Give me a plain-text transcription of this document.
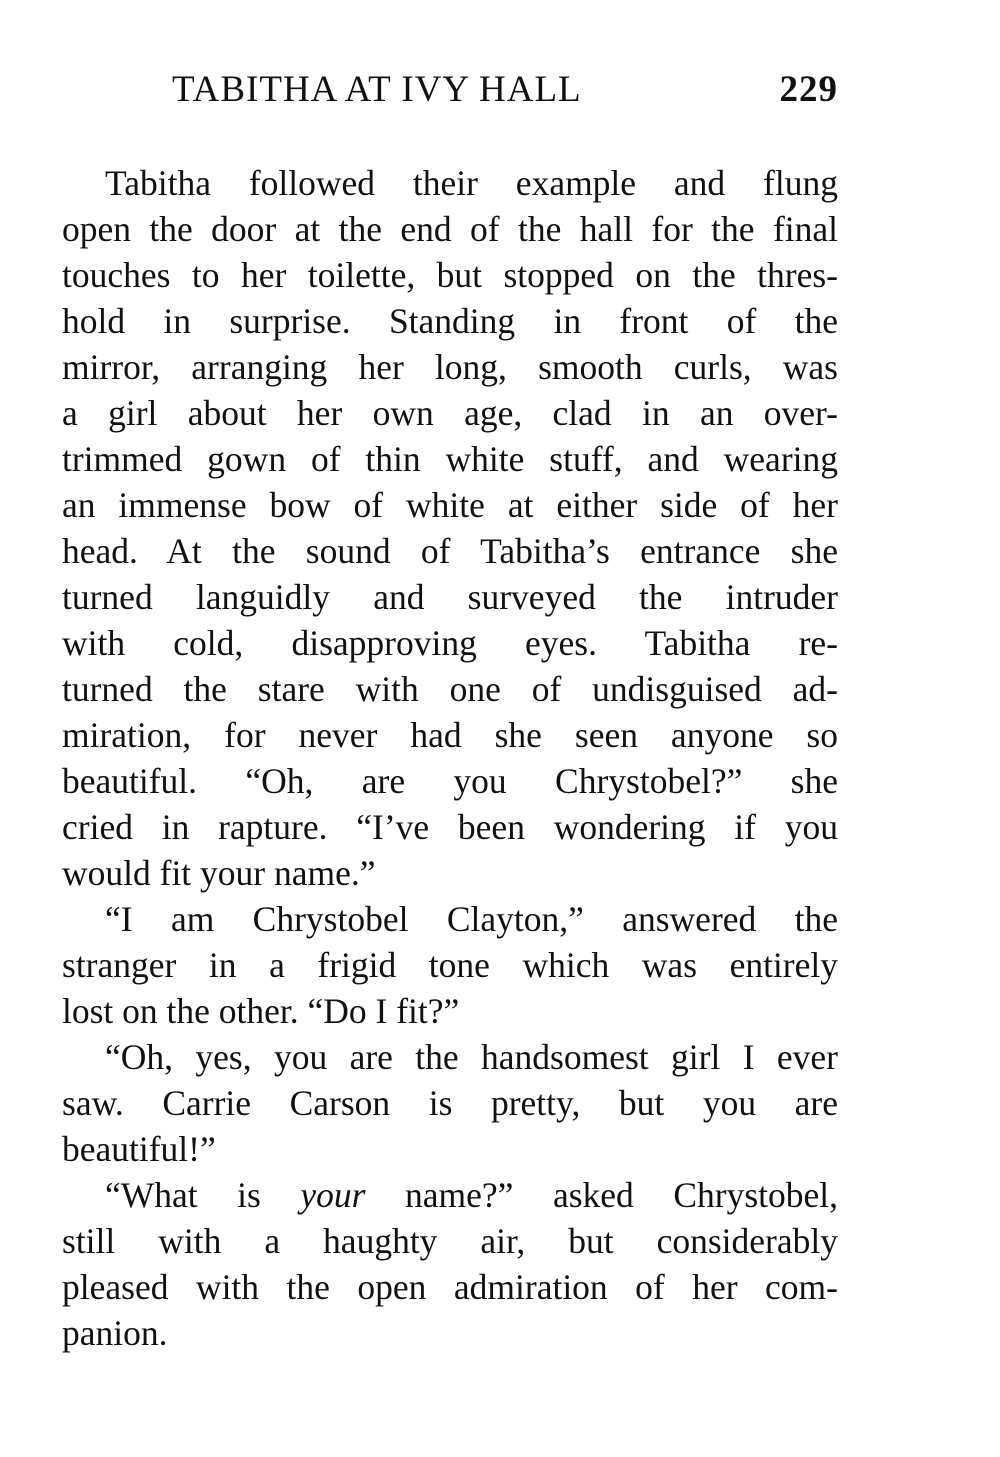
TABITHA AT IVY HALL	229

Tabitha followed their example and flung
open the door at the end of the hall for the final
touches to her toilette, but stopped on the thres-
hold in surprise. Standing in front of the
mirror, arranging her long, smooth curls, was
a girl about her own age, clad in an over-
trimmed gown of thin white stuff, and wearing
an immense bow of white at either side of her
head. At the sound of Tabitha’s entrance she
turned languidly and surveyed the intruder
with cold, disapproving eyes. Tabitha re-
turned the stare with one of undisguised ad-
miration, for never had she seen anyone so
beautiful. “Oh, are you Chrystobel?” she
cried in rapture. “I’ve been wondering if you
would fit your name.”

“I am Chrystobel Clayton,” answered the
stranger in a frigid tone which was entirely
lost on the other. “Do I fit?”

“Oh, yes, you are the handsomest girl I ever
saw. Carrie Carson is pretty, but you are
beautiful!”

“What is your name?” asked Chrystobel,
still with a haughty air, but considerably
pleased with the open admiration of her com-
panion.
